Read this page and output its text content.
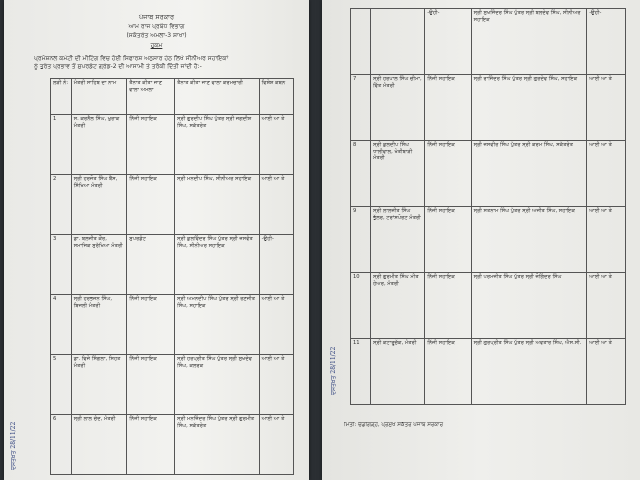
ਪੰਜਾਬ ਸਰਕਾਰ
ਆਮ ਰਾਜ ਪ੍ਰਬੰਧ ਵਿਭਾਗ
(ਸਕੱਤਰੇਤ ਅਮਲਾ-3 ਸ਼ਾਖਾ)
ਹੁਕਮ
ਪ੍ਰਮੋਸ਼ਨਲ ਕਮੇਟੀ ਦੀ ਮੀਟਿੰਗ ਵਿਚ ਹੋਈ ਸਿਫਾਰਸ਼ ਅਨੁਸਾਰ ਹੇਠ ਲਿਖੇ ਸੀਨੀਅਰ ਸਹਾਇਕਾਂ
ਨੂੰ ਤੁਰੰਤ ਪ੍ਰਭਾਵ ਤੋਂ ਸੁਪਰਡੰਟ ਗ੍ਰੇਡ-2 ਦੀ ਆਸਾਮੀ ਤੇ ਤਰੱਕੀ ਦਿੱਤੀ ਜਾਂਦੀ ਹੈ:-
ਲੜੀ ਨੰ:	ਮੰਤਰੀ ਸਾਹਿਬ ਦਾ ਨਾਮ	ਤੈਨਾਤ ਕੀਤਾ ਜਾਣ ਵਾਲਾ ਅਮਲਾ	ਤੈਨਾਤ ਕੀਤਾ ਜਾਣ ਵਾਲਾ ਕਰਮਚਾਰੀ	ਵਿਸ਼ੇਸ਼ ਕਥਨ
1	ਸ. ਕਰਨੈਲ ਸਿੰਘ, ਖੁਰਾਕ ਮੰਤਰੀ	ਨਿੱਜੀ ਸਹਾਇਕ	ਸ੍ਰੀ ਗੁਰਦੀਪ ਸਿੰਘ ਪੁੱਤਰ ਸ੍ਰੀ ਜਗਦੀਸ਼ ਸਿੰਘ, ਸਕੱਤਰੇਤ	ਆਈ ਆ ਤੇ
2	ਸ੍ਰੀ ਹਰਜੋਤ ਸਿੰਘ ਬੈਂਸ, ਸਿੱਖਿਆ ਮੰਤਰੀ	ਨਿੱਜੀ ਸਹਾਇਕ	ਸ੍ਰੀ ਮਨਦੀਪ ਸਿੰਘ, ਸੀਨੀਅਰ ਸਹਾਇਕ	ਆਈ ਆ ਤੇ
3	ਡਾ. ਬਲਜੀਤ ਕੌਰ, ਸਮਾਜਿਕ ਸੁਰੱਖਿਆ ਮੰਤਰੀ	ਸੁਪਰਡੰਟ	ਸ੍ਰੀ ਕੁਲਵਿੰਦਰ ਸਿੰਘ ਪੁੱਤਰ ਸ੍ਰੀ ਜਸਵੰਤ ਸਿੰਘ, ਸੀਨੀਅਰ ਸਹਾਇਕ	-ਉਹੀ-
4	ਸ੍ਰੀ ਹਰਭਜਨ ਸਿੰਘ, ਬਿਜਲੀ ਮੰਤਰੀ	ਨਿੱਜੀ ਸਹਾਇਕ	ਸ੍ਰੀ ਅਮਨਦੀਪ ਸਿੰਘ ਪੁੱਤਰ ਸ੍ਰੀ ਰਣਜੀਤ ਸਿੰਘ, ਸਹਾਇਕ	ਆਈ ਆ ਤੇ
5	ਡਾ. ਵਿਜੇ ਸਿੰਗਲਾ, ਸਿਹਤ ਮੰਤਰੀ	ਨਿੱਜੀ ਸਹਾਇਕ	ਸ੍ਰੀ ਹਰਪ੍ਰੀਤ ਸਿੰਘ ਪੁੱਤਰ ਸ੍ਰੀ ਸੁਖਦੇਵ ਸਿੰਘ, ਕਲਰਕ	ਆਈ ਆ ਤੇ
6	ਸ੍ਰੀ ਲਾਲ ਚੰਦ, ਮੰਤਰੀ	ਨਿੱਜੀ ਸਹਾਇਕ	ਸ੍ਰੀ ਮਨਜਿੰਦਰ ਸਿੰਘ ਪੁੱਤਰ ਸ੍ਰੀ ਗੁਰਮੀਤ ਸਿੰਘ, ਸਕੱਤਰੇਤ	ਆਈ ਆ ਤੇ
ਦਸਤਖ਼ਤ 28/11/22
		-ਉਹੀ-	ਸ੍ਰੀ ਸੁਖਜਿੰਦਰ ਸਿੰਘ ਪੁੱਤਰ ਸ੍ਰੀ ਬਲਦੇਵ ਸਿੰਘ, ਸੀਨੀਅਰ ਸਹਾਇਕ	-ਉਹੀ-
7	ਸ੍ਰੀ ਹਰਪਾਲ ਸਿੰਘ ਚੀਮਾ, ਵਿੱਤ ਮੰਤਰੀ	ਨਿੱਜੀ ਸਹਾਇਕ	ਸ੍ਰੀ ਰਾਜਿੰਦਰ ਸਿੰਘ ਪੁੱਤਰ ਸ੍ਰੀ ਗੁਰਦੇਵ ਸਿੰਘ, ਸਹਾਇਕ	ਆਈ ਆ ਤੇ
8	ਸ੍ਰੀ ਕੁਲਦੀਪ ਸਿੰਘ ਧਾਲੀਵਾਲ, ਖੇਤੀਬਾੜੀ ਮੰਤਰੀ	ਨਿੱਜੀ ਸਹਾਇਕ	ਸ੍ਰੀ ਜਸਵੀਰ ਸਿੰਘ ਪੁੱਤਰ ਸ੍ਰੀ ਕਰਮ ਸਿੰਘ, ਸਕੱਤਰੇਤ	ਆਈ ਆ ਤੇ
9	ਸ੍ਰੀ ਲਾਲਜੀਤ ਸਿੰਘ ਭੁੱਲਰ, ਟਰਾਂਸਪੋਰਟ ਮੰਤਰੀ	ਨਿੱਜੀ ਸਹਾਇਕ	ਸ੍ਰੀ ਸਤਨਾਮ ਸਿੰਘ ਪੁੱਤਰ ਸ੍ਰੀ ਅਜੀਤ ਸਿੰਘ, ਸਹਾਇਕ	ਆਈ ਆ ਤੇ
10	ਸ੍ਰੀ ਗੁਰਮੀਤ ਸਿੰਘ ਮੀਤ ਹੇਅਰ, ਮੰਤਰੀ	ਨਿੱਜੀ ਸਹਾਇਕ	ਸ੍ਰੀ ਪਰਮਜੀਤ ਸਿੰਘ ਪੁੱਤਰ ਸ੍ਰੀ ਜੋਗਿੰਦਰ ਸਿੰਘ	ਆਈ ਆ ਤੇ
11	ਸ੍ਰੀ ਕਟਾਰੂਚੱਕ, ਮੰਤਰੀ	ਨਿੱਜੀ ਸਹਾਇਕ	ਸ੍ਰੀ ਗੁਰਪ੍ਰੀਤ ਸਿੰਘ ਪੁੱਤਰ ਸ੍ਰੀ ਅਵਤਾਰ ਸਿੰਘ, ਐਸ.ਸੀ.	ਆਈ ਆ ਤੇ
ਮਿਤੀ: ਚੰਡੀਗੜ੍ਹ, ਪ੍ਰਮੁੱਖ ਸਕੱਤਰ ਪੰਜਾਬ ਸਰਕਾਰ
ਦਸਤਖ਼ਤ 28/11/22
